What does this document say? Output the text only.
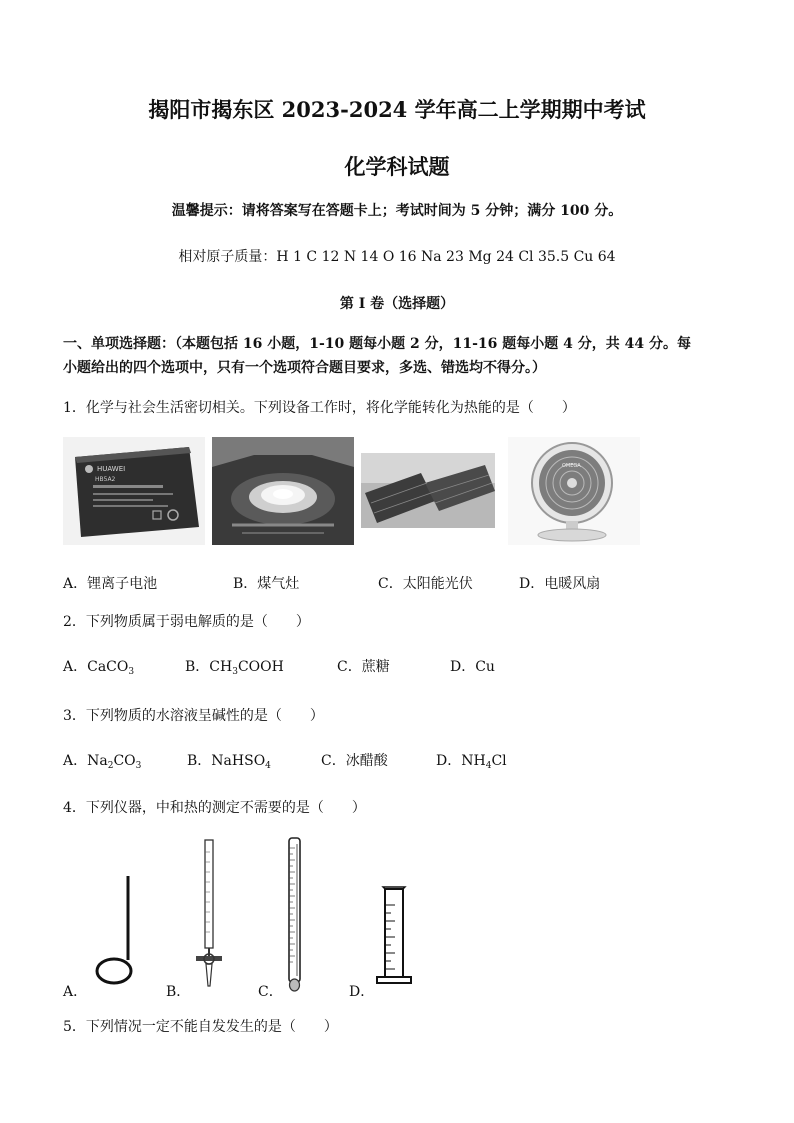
揭阳市揭东区 2023-2024 学年高二上学期期中考试
化学科试题
温馨提示：请将答案写在答题卡上；考试时间为 5 分钟；满分 100 分。
相对原子质量：H 1 C 12 N 14 O 16 Na 23 Mg 24 Cl 35.5 Cu 64
第 I 卷（选择题）
一、单项选择题：（本题包括 16 小题，1-10 题每小题 2 分，11-16 题每小题 4 分，共 44 分。每
小题给出的四个选项中，只有一个选项符合题目要求，多选、错选均不得分。）
1．化学与社会生活密切相关。下列设备工作时，将化学能转化为热能的是（　　）
HUAWEI
HB5A2
OMEGA
A．锂离子电池	B．煤气灶	C．太阳能光伏	D．电暖风扇
2．下列物质属于弱电解质的是（　　）
A．CaCO$_3$	B．$CH_3COOH$	C．蔗糖	D．Cu
3．下列物质的水溶液呈碱性的是（　　）
A．$Na_2CO_3$	B．NaHSO$_4$	C．冰醋酸	D．$NH_4Cl$
4．下列仪器，中和热的测定不需要的是（　　）
A．	B．	C．	D．
5．下列情况一定不能自发发生的是（　　）
